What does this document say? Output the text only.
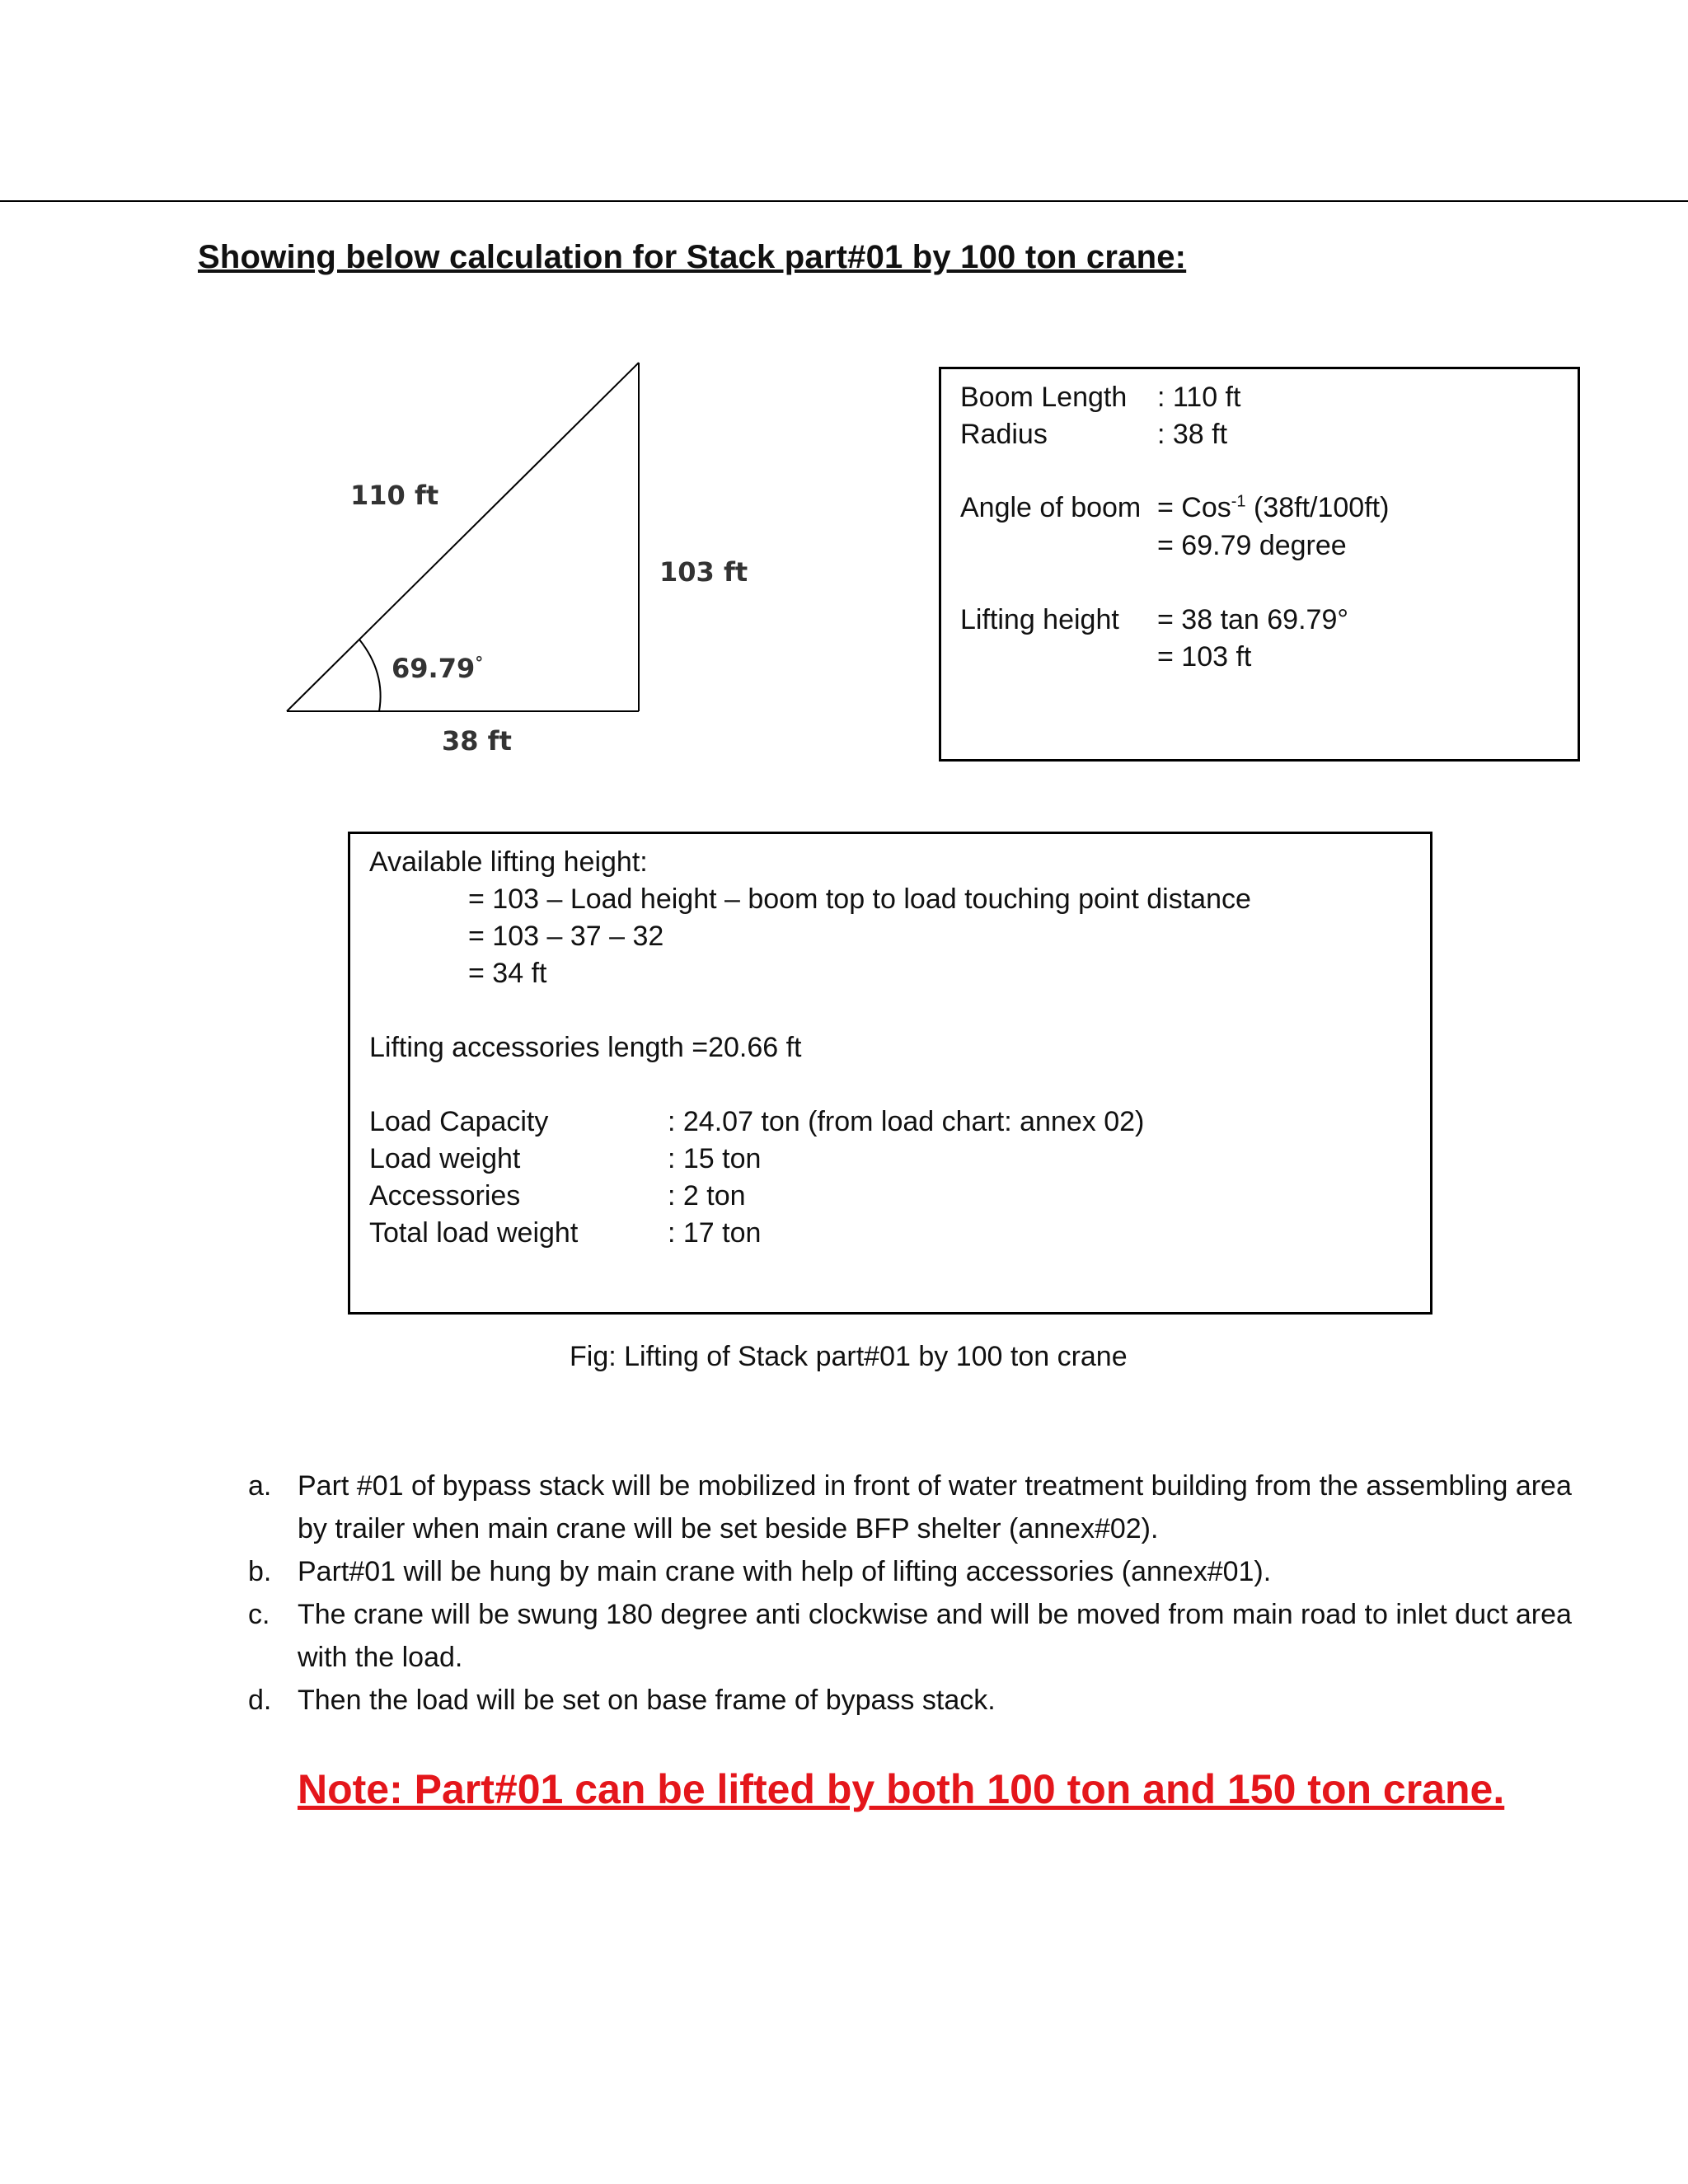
Showing below calculation for Stack part#01 by 100 ton crane:
110 ft
103 ft
38 ft
69.79°
Boom Length : 110 ft
Radius	: 38 ft
Angle of boom = Cos$^{-1}$ (38ft/100ft)
= 69.79 degree
Lifting height = 38 tan 69.79°
= 103 ft
Available lifting height:
= 103 – Load height – boom top to load touching point distance
= 103 – 37 – 32
= 34 ft
Lifting accessories length =20.66 ft
Load Capacity	: 24.07 ton (from load chart: annex 02)
Load weight	: 15 ton
Accessories	: 2 ton
Total load weight	: 17 ton
Fig: Lifting of Stack part#01 by 100 ton crane
a. Part #01 of bypass stack will be mobilized in front of water treatment building from the assembling area by trailer when main crane will be set beside BFP shelter (annex#02).
b. Part#01 will be hung by main crane with help of lifting accessories (annex#01).
c. The crane will be swung 180 degree anti clockwise and will be moved from main road to inlet duct area with the load.
d. Then the load will be set on base frame of bypass stack.
Note: Part#01 can be lifted by both 100 ton and 150 ton crane.
